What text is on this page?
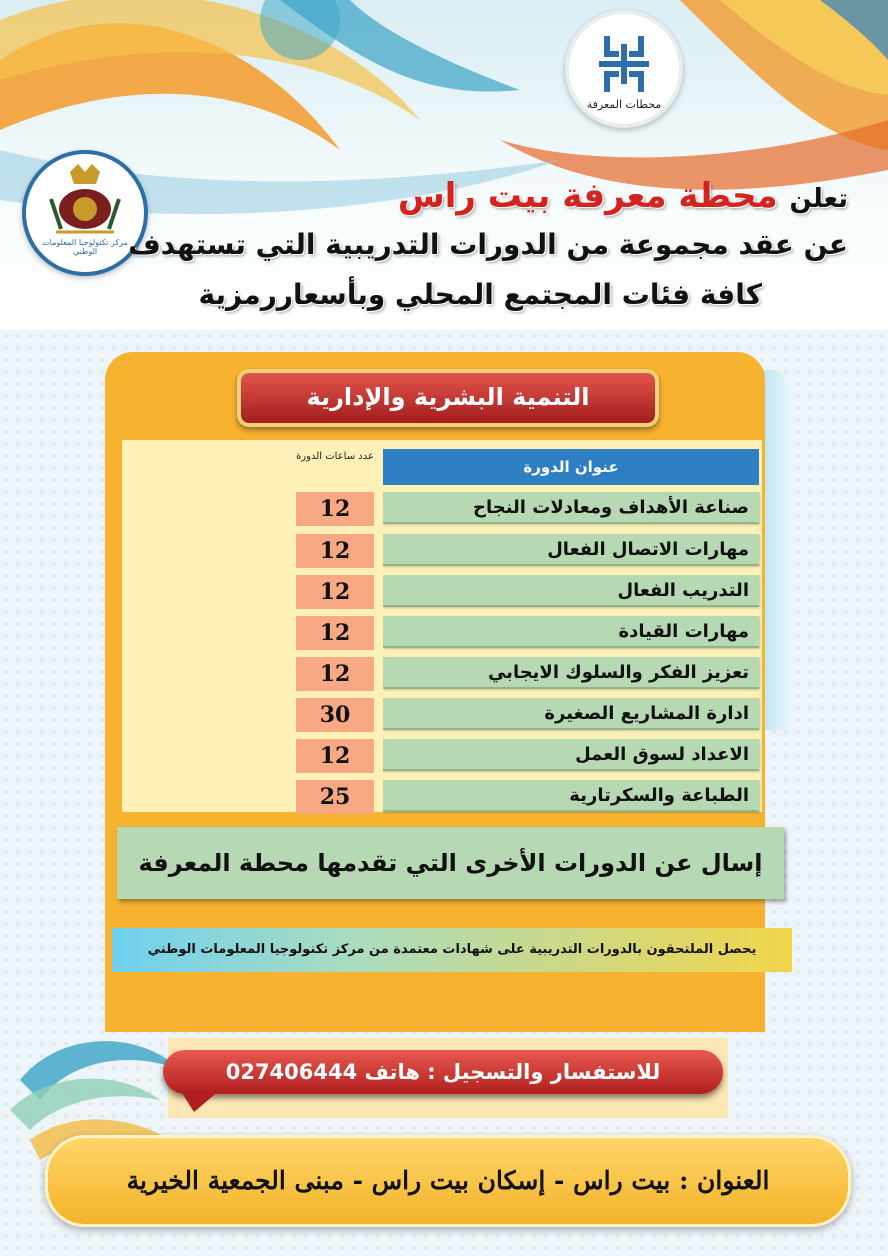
محطات المعرفة
مركز تكنولوجيا المعلومات الوطني
تعلن محطة معرفة بيت راس
عن عقد مجموعة من الدورات التدريبية التي تستهدف
كافة فئات المجتمع المحلي وبأسعاررمزية
التنمية البشرية والإدارية
عدد ساعات الدورة
عنوان الدورة
صناعة الأهداف ومعادلات النجاح
12
مهارات الاتصال الفعال
12
التدريب الفعال
12
مهارات القيادة
12
تعزيز الفكر والسلوك الايجابي
12
ادارة المشاريع الصغيرة
30
الاعداد لسوق العمل
12
الطباعة والسكرتارية
25
إسال عن الدورات الأخرى التي تقدمها محطة المعرفة
يحصل الملتحقون بالدورات التدريبية على شهادات معتمدة من مركز تكنولوجيا المعلومات الوطني
للاستفسار والتسجيل : هاتف 027406444
العنوان : بيت راس - إسكان بيت راس - مبنى الجمعية الخيرية
